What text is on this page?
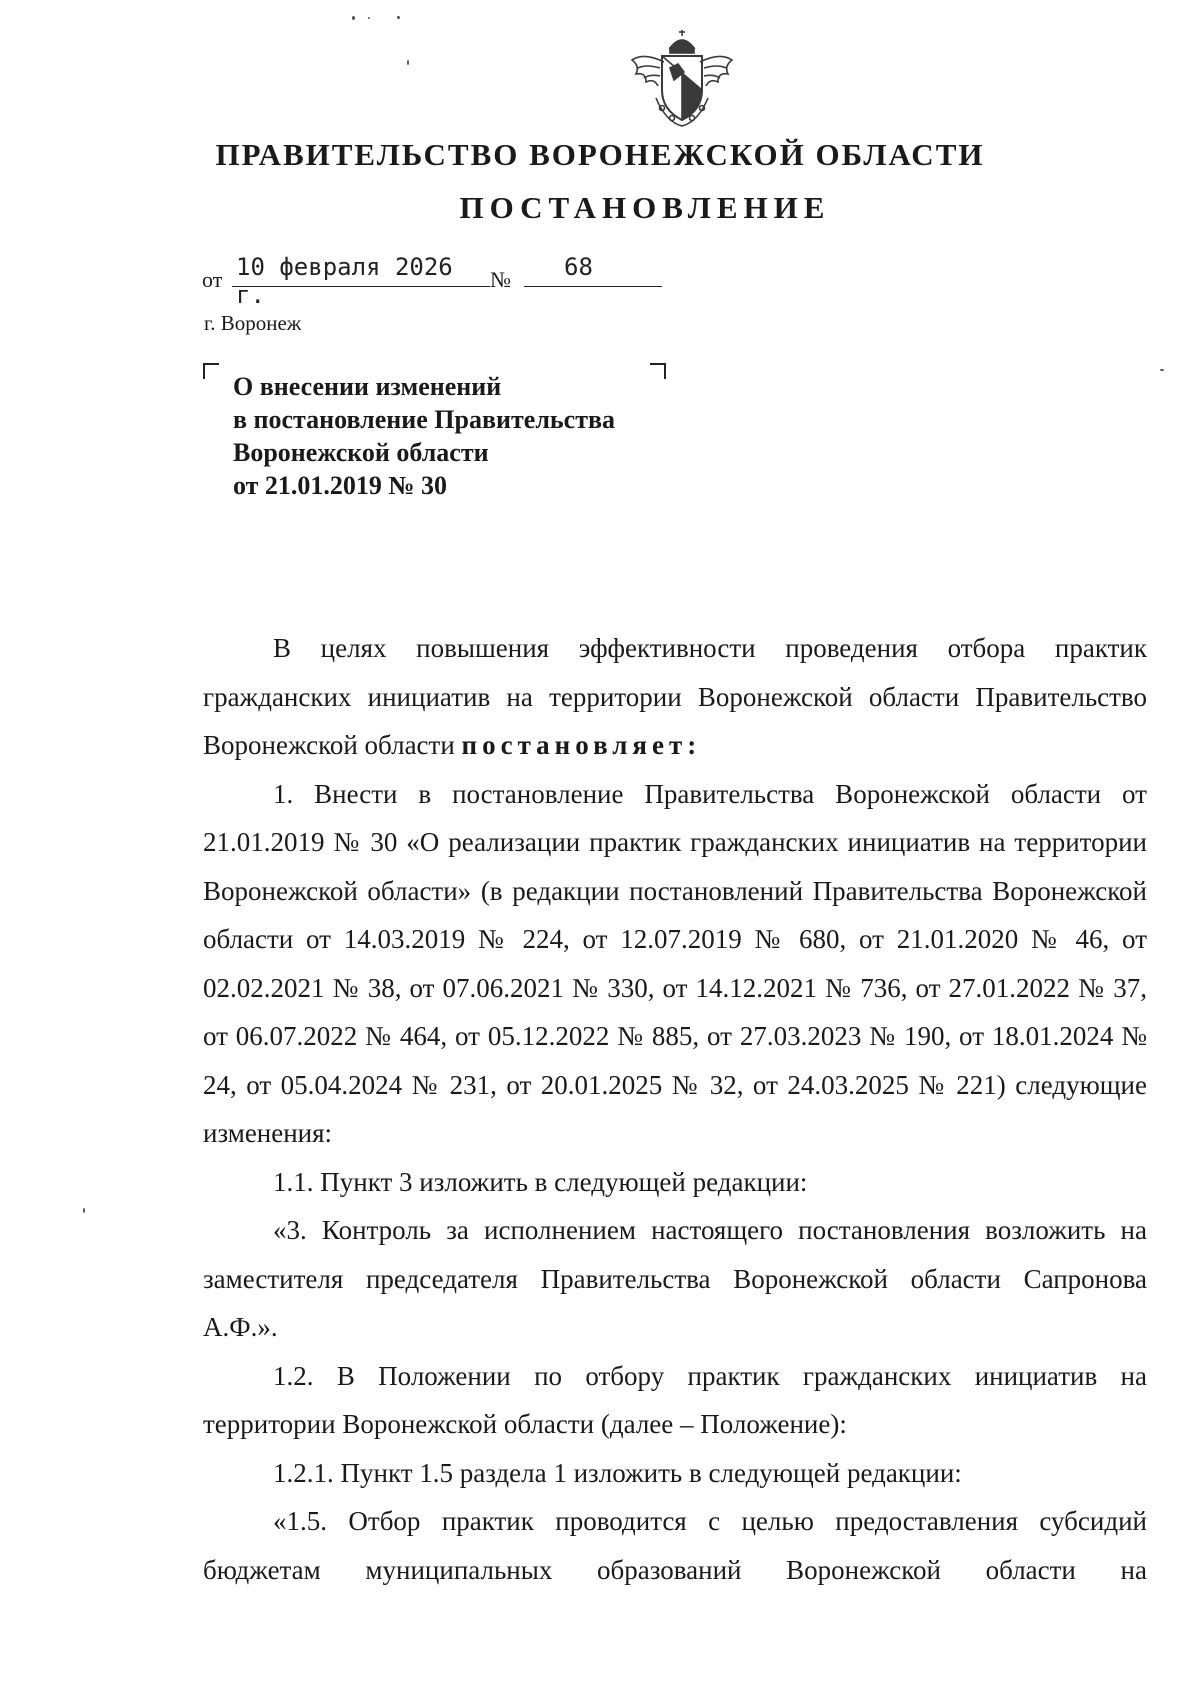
ПРАВИТЕЛЬСТВО ВОРОНЕЖСКОЙ ОБЛАСТИ
ПОСТАНОВЛЕНИЕ
от 10 февраля 2026 г.
№	68
г. Воронеж
О внесении изменений
в постановление Правительства
Воронежской области
от 21.01.2019 № 30

В целях повышения эффективности проведения отбора практик гражданских инициатив на территории Воронежской области Правительство Воронежской области постановляет:

1. Внести в постановление Правительства Воронежской области от 21.01.2019 № 30 «О реализации практик гражданских инициатив на территории Воронежской области» (в редакции постановлений Правительства Воронежской области от 14.03.2019 № 224, от 12.07.2019 № 680, от 21.01.2020 № 46, от 02.02.2021 № 38, от 07.06.2021 № 330, от 14.12.2021 № 736, от 27.01.2022 № 37, от 06.07.2022 № 464, от 05.12.2022 № 885, от 27.03.2023 № 190, от 18.01.2024 № 24, от 05.04.2024 № 231, от 20.01.2025 № 32, от 24.03.2025 № 221) следующие изменения:

1.1. Пункт 3 изложить в следующей редакции:

«3. Контроль за исполнением настоящего постановления возложить на заместителя председателя Правительства Воронежской области Сапронова А.Ф.».

1.2. В Положении по отбору практик гражданских инициатив на территории Воронежской области (далее – Положение):

1.2.1. Пункт 1.5 раздела 1 изложить в следующей редакции:

«1.5. Отбор практик проводится с целью предоставления субсидий бюджетам муниципальных образований Воронежской области на
